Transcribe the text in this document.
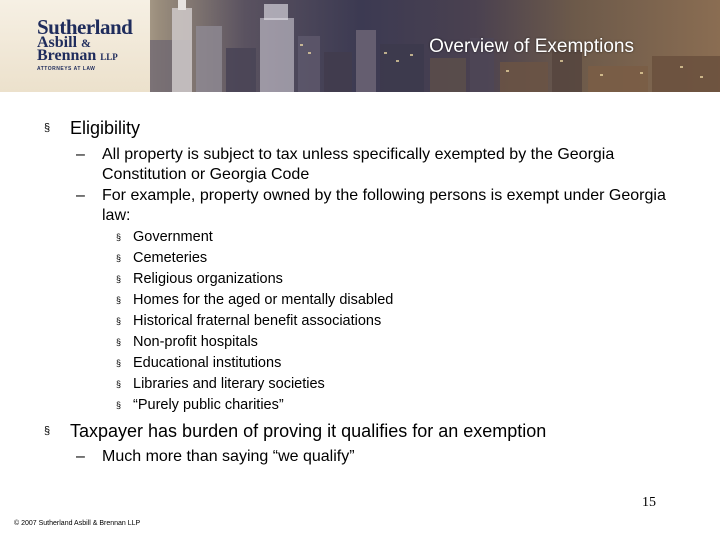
Sutherland
Asbill &
Brennan LLP
ATTORNEYS AT LAW
Overview of Exemptions
§ Eligibility
– All property is subject to tax unless specifically exempted by the Georgia Constitution or Georgia Code
– For example, property owned by the following persons is exempt under Georgia law:
§ Government
§ Cemeteries
§ Religious organizations
§ Homes for the aged or mentally disabled
§ Historical fraternal benefit associations
§ Non-profit hospitals
§ Educational institutions
§ Libraries and literary societies
§ “Purely public charities”
§ Taxpayer has burden of proving it qualifies for an exemption
– Much more than saying “we qualify”
15
© 2007 Sutherland Asbill & Brennan LLP
